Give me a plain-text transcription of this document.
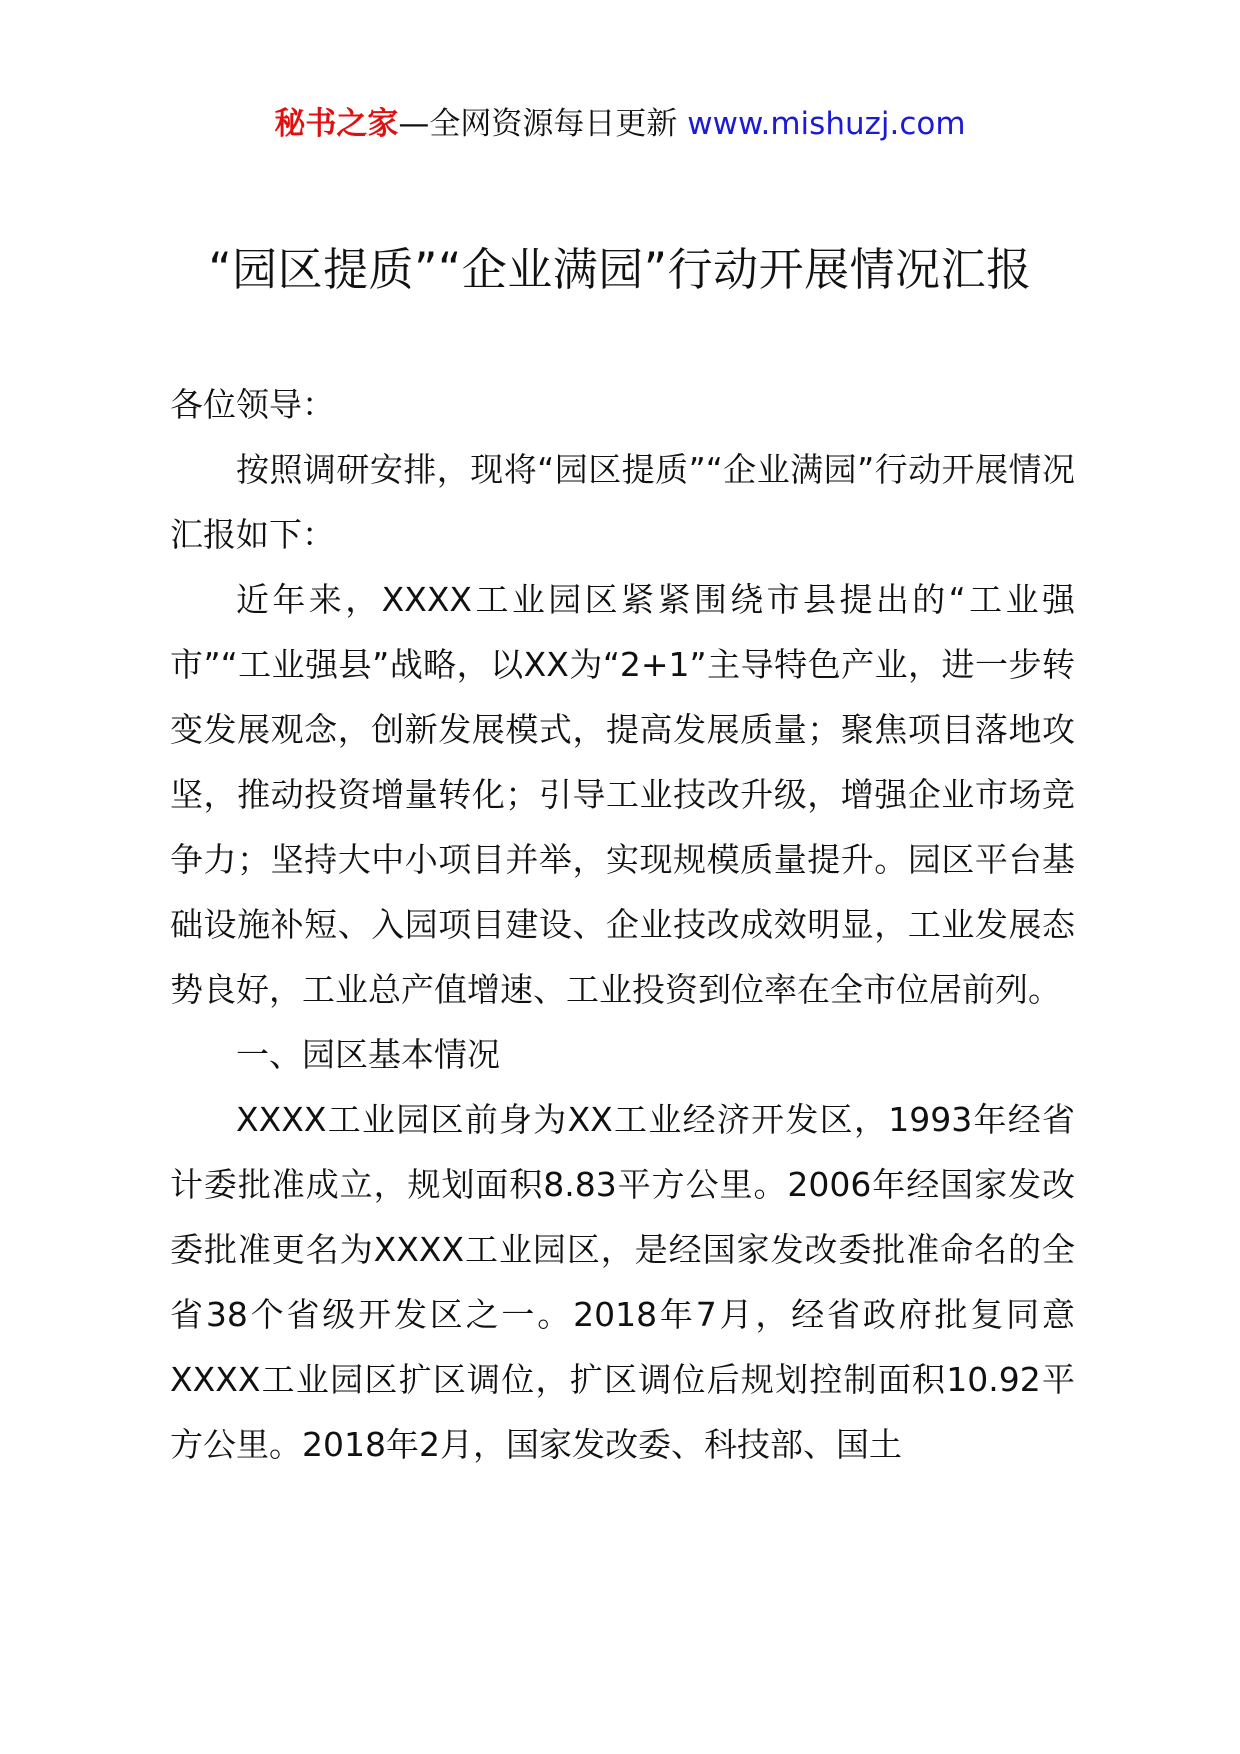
秘书之家—全网资源每日更新 www.mishuzj.com
“园区提质”“企业满园”行动开展情况汇报

各位领导：

按照调研安排，现将“园区提质”“企业满园”行动开展情况汇报如下：

近年来，XXXX工业园区紧紧围绕市县提出的“工业强市”“工业强县”战略，以XX为“2+1”主导特色产业，进一步转变发展观念，创新发展模式，提高发展质量；聚焦项目落地攻坚，推动投资增量转化；引导工业技改升级，增强企业市场竞争力；坚持大中小项目并举，实现规模质量提升。园区平台基础设施补短、入园项目建设、企业技改成效明显，工业发展态势良好，工业总产值增速、工业投资到位率在全市位居前列。

一、园区基本情况

XXXX工业园区前身为XX工业经济开发区，1993年经省计委批准成立，规划面积8.83平方公里。2006年经国家发改委批准更名为XXXX工业园区，是经国家发改委批准命名的全省38个省级开发区之一。2018年7月，经省政府批复同意XXXX工业园区扩区调位，扩区调位后规划控制面积10.92平方公里。2018年2月，国家发改委、科技部、国土
